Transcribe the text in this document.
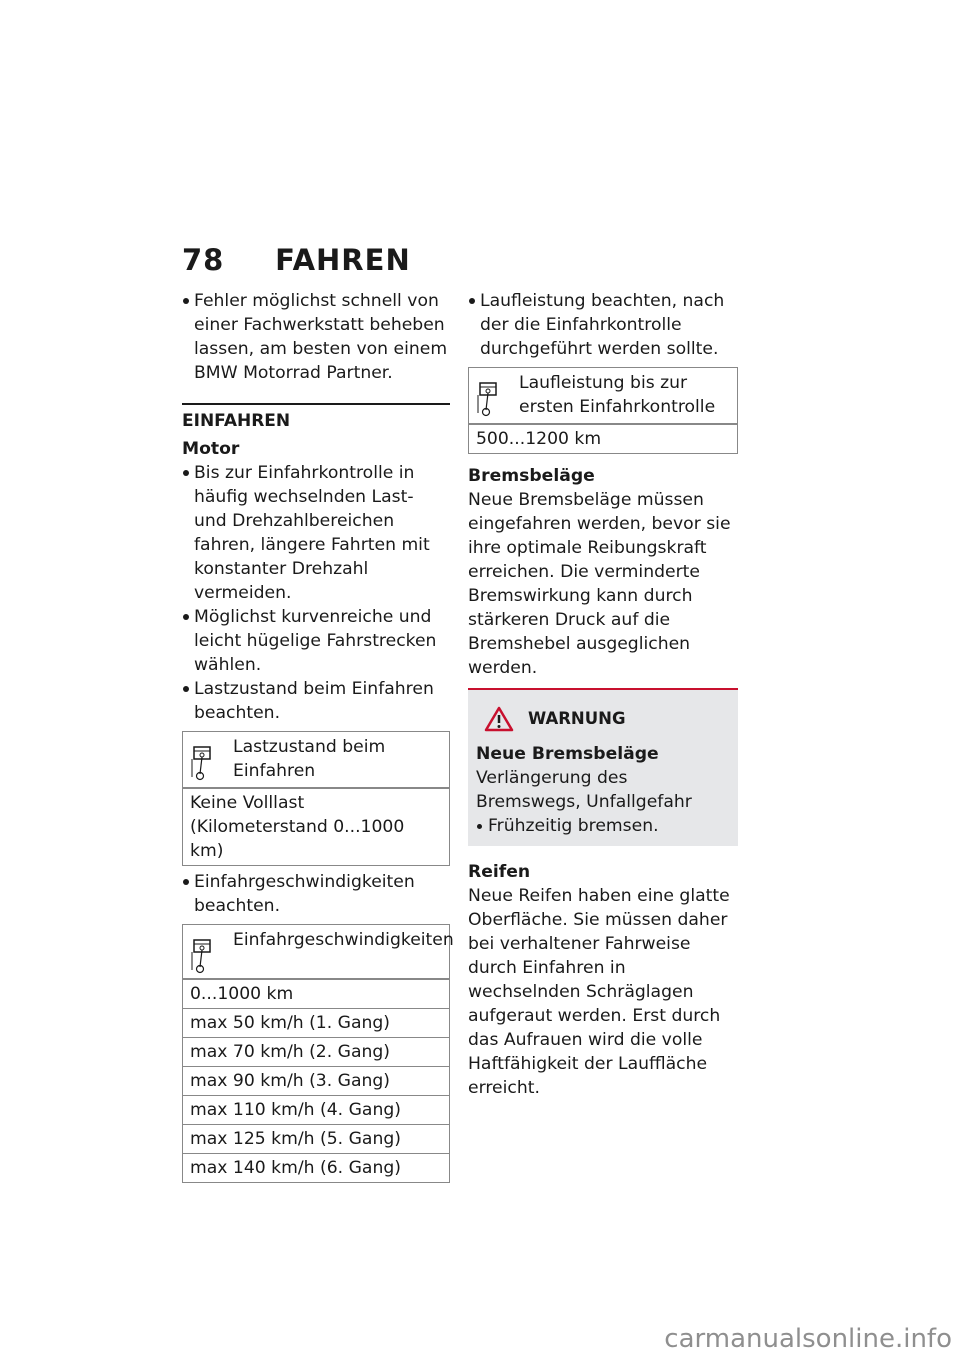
78 FAHREN
Fehler möglichst schnell von einer Fachwerkstatt beheben lassen, am besten von einem BMW Motorrad Partner.
EINFAHREN
Motor
Bis zur Einfahrkontrolle in häufig wechselnden Last- und Drehzahlbereichen fahren, längere Fahrten mit konstanter Drehzahl vermeiden.
Möglichst kurvenreiche und leicht hügelige Fahrstrecken wählen.
Lastzustand beim Einfahren beachten.
Lastzustand beim Einfahren
Keine Volllast (Kilometerstand 0...1000 km)
Einfahrgeschwindigkeiten beachten.
Einfahrgeschwindigkeiten
0...1000 km
max 50 km/h (1. Gang)
max 70 km/h (2. Gang)
max 90 km/h (3. Gang)
max 110 km/h (4. Gang)
max 125 km/h (5. Gang)
max 140 km/h (6. Gang)
Laufleistung beachten, nach der die Einfahrkontrolle durchgeführt werden sollte.
Laufleistung bis zur ersten Einfahrkontrolle
500...1200 km
Bremsbeläge

Neue Bremsbeläge müssen eingefahren werden, bevor sie ihre optimale Reibungskraft erreichen. Die verminderte Bremswirkung kann durch stärkeren Druck auf die Bremshebel ausgeglichen werden.

WARNUNG
Neue Bremsbeläge
Verlängerung des Bremswegs, Unfallgefahr
Frühzeitig bremsen.
Reifen

Neue Reifen haben eine glatte Oberfläche. Sie müssen daher bei verhaltener Fahrweise durch Einfahren in wechselnden Schräglagen aufgeraut werden. Erst durch das Aufrauen wird die volle Haftfähigkeit der Lauffläche erreicht.

carmanualsonline.info
